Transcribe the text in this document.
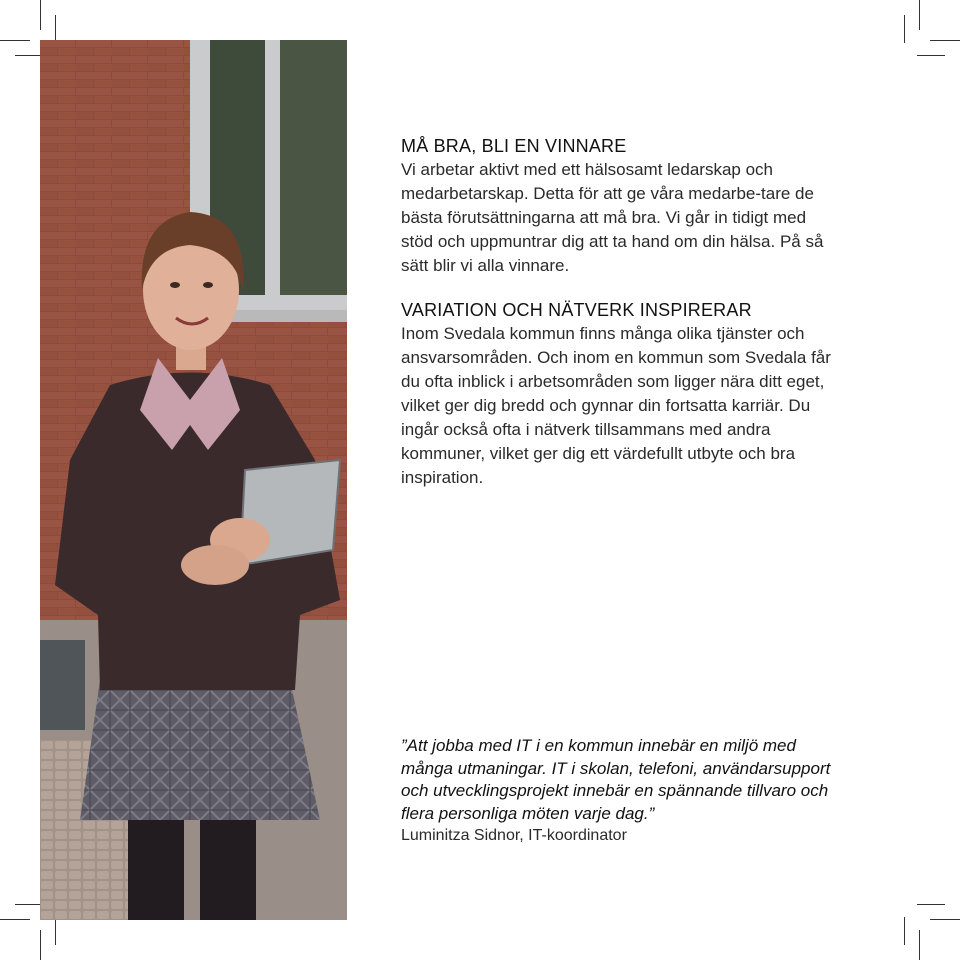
MÅ BRA, BLI EN VINNARE

Vi arbetar aktivt med ett hälsosamt ledarskap och medarbetarskap. Detta för att ge våra medarbe-tare de bästa förutsättningarna att må bra. Vi går in tidigt med stöd och uppmuntrar dig att ta hand om din hälsa. På så sätt blir vi alla vinnare.

VARIATION OCH NÄTVERK INSPIRERAR

Inom Svedala kommun finns många olika tjänster och ansvarsområden. Och inom en kommun som Svedala får du ofta inblick i arbetsområden som ligger nära ditt eget, vilket ger dig bredd och gynnar din fortsatta karriär. Du ingår också ofta i nätverk tillsammans med andra kommuner, vilket ger dig ett värdefullt utbyte och bra inspiration.

”Att jobba med IT i en kommun innebär en miljö med många utmaningar. IT i skolan, telefoni, användarsupport och utvecklingsprojekt innebär en spännande tillvaro och flera personliga möten varje dag.”

Luminitza Sidnor, IT-koordinator
